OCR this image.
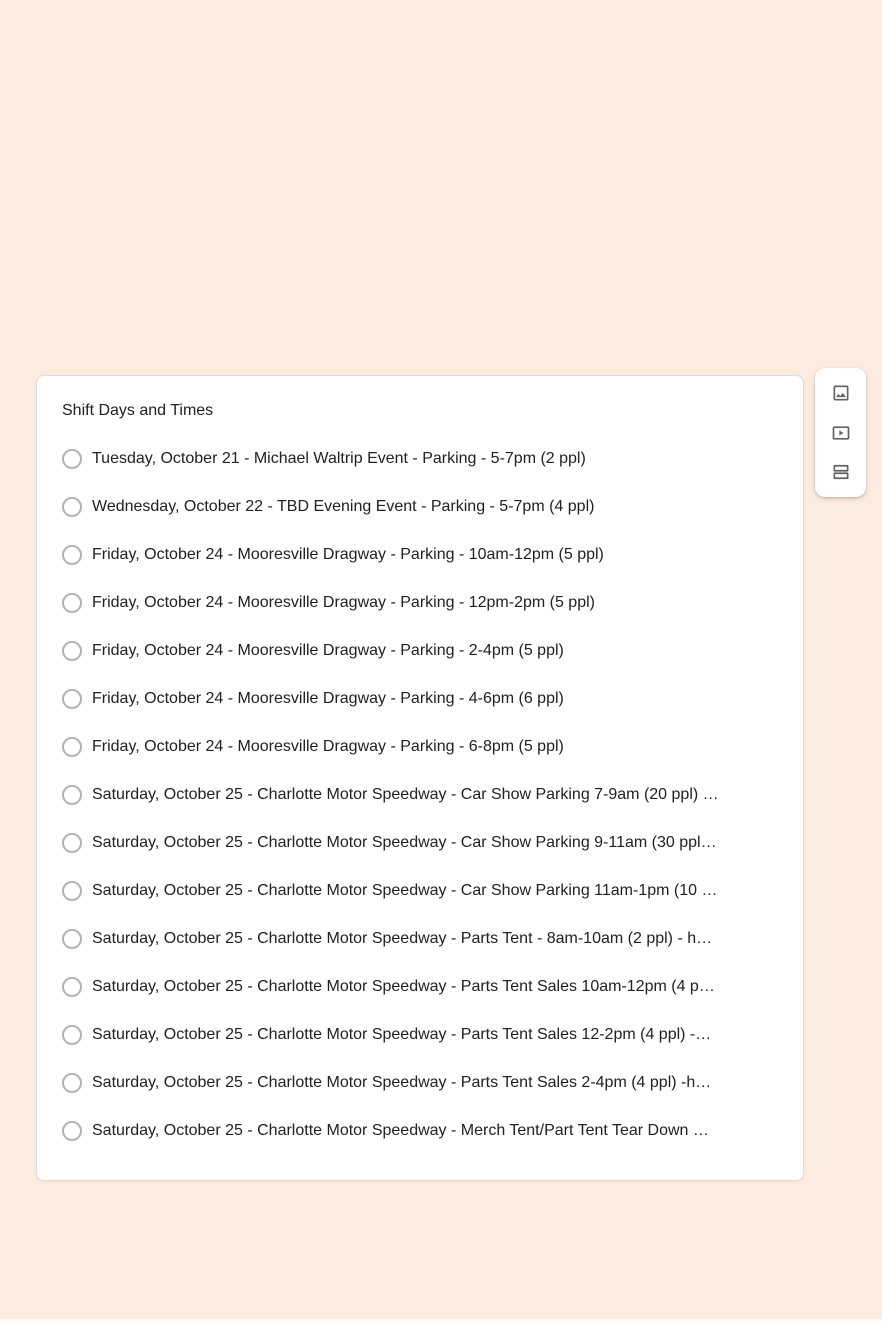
Shift Days and Times
Tuesday, October 21 - Michael Waltrip Event - Parking - 5-7pm (2 ppl)
Wednesday, October 22 - TBD Evening Event - Parking - 5-7pm (4 ppl)
Friday, October 24 - Mooresville Dragway - Parking - 10am-12pm (5 ppl)
Friday, October 24 - Mooresville Dragway - Parking - 12pm-2pm (5 ppl)
Friday, October 24 - Mooresville Dragway - Parking - 2-4pm (5 ppl)
Friday, October 24 - Mooresville Dragway - Parking - 4-6pm (6 ppl)
Friday, October 24 - Mooresville Dragway - Parking - 6-8pm (5 ppl)
Saturday, October 25 - Charlotte Motor Speedway - Car Show Parking 7-9am (20 ppl) …
Saturday, October 25 - Charlotte Motor Speedway - Car Show Parking 9-11am (30 ppl…
Saturday, October 25 - Charlotte Motor Speedway - Car Show Parking 11am-1pm (10 …
Saturday, October 25 - Charlotte Motor Speedway - Parts Tent - 8am-10am (2 ppl) - h…
Saturday, October 25 - Charlotte Motor Speedway - Parts Tent Sales 10am-12pm (4 p…
Saturday, October 25 - Charlotte Motor Speedway - Parts Tent Sales 12-2pm (4 ppl) -…
Saturday, October 25 - Charlotte Motor Speedway - Parts Tent Sales 2-4pm (4 ppl) -h…
Saturday, October 25 - Charlotte Motor Speedway - Merch Tent/Part Tent Tear Down …
